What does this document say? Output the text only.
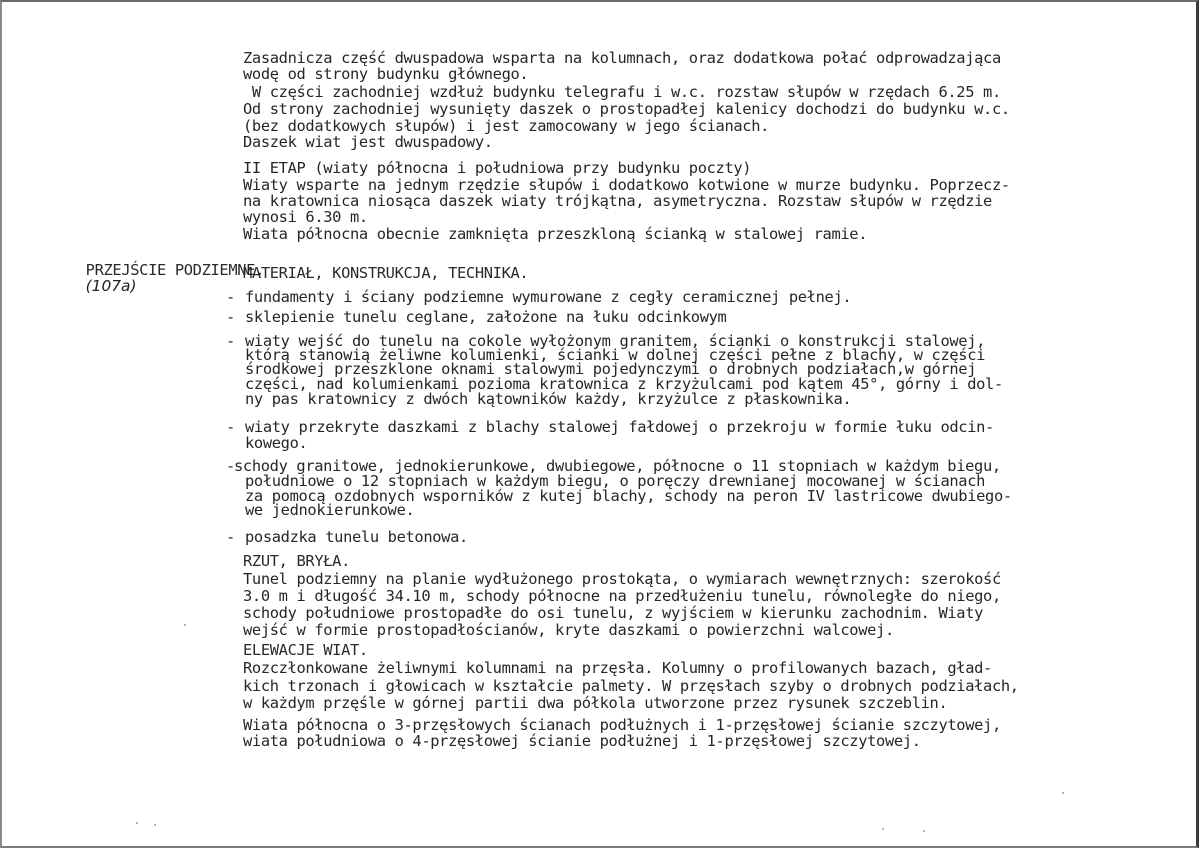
Zasadnicza część dwuspadowa wsparta na kolumnach, oraz dodatkowa połać odprowadzająca
wodę od strony budynku głównego.
W części zachodniej wzdłuż budynku telegrafu i w.c. rozstaw słupów w rzędach 6.25 m.
Od strony zachodniej wysunięty daszek o prostopadłej kalenicy dochodzi do budynku w.c.
(bez dodatkowych słupów) i jest zamocowany w jego ścianach.
Daszek wiat jest dwuspadowy.
II ETAP (wiaty północna i południowa przy budynku poczty)
Wiaty wsparte na jednym rzędzie słupów i dodatkowo kotwione w murze budynku. Poprzecz-
na kratownica niosąca daszek wiaty trójkątna, asymetryczna. Rozstaw słupów w rzędzie
wynosi 6.30 m.
Wiata północna obecnie zamknięta przeszkloną ścianką w stalowej ramie.

PRZEJŚCIE PODZIEMNE.
(107a)

MATERIAŁ, KONSTRUKCJA, TECHNIKA.
- fundamenty i ściany podziemne wymurowane z cegły ceramicznej pełnej.
- sklepienie tunelu ceglane, założone na łuku odcinkowym
- wiaty wejść do tunelu na cokole wyłożonym granitem, ścianki o konstrukcji stalowej,
którą stanowią żeliwne kolumienki, ścianki w dolnej części pełne z blachy, w części
środkowej przeszklone oknami stalowymi pojedynczymi o drobnych podziałach,w górnej
części, nad kolumienkami pozioma kratownica z krzyżulcami pod kątem 45°, górny i dol-
ny pas kratownicy z dwóch kątowników każdy, krzyżulce z płaskownika.
- wiaty przekryte daszkami z blachy stalowej fałdowej o przekroju w formie łuku odcin-
kowego.
- schody granitowe, jednokierunkowe, dwubiegowe, północne o 11 stopniach w każdym biegu,
południowe o 12 stopniach w każdym biegu, o poręczy drewnianej mocowanej w ścianach
za pomocą ozdobnych wsporników z kutej blachy, schody na peron IV lastricowe dwubiego-
we jednokierunkowe.
- posadzka tunelu betonowa.
RZUT, BRYŁA.
Tunel podziemny na planie wydłużonego prostokąta, o wymiarach wewnętrznych: szerokość
3.0 m i długość 34.10 m, schody północne na przedłużeniu tunelu, równoległe do niego,
schody południowe prostopadłe do osi tunelu, z wyjściem w kierunku zachodnim. Wiaty
wejść w formie prostopadłościanów, kryte daszkami o powierzchni walcowej.
ELEWACJE WIAT.
Rozczłonkowane żeliwnymi kolumnami na przęsła. Kolumny o profilowanych bazach, gład-
kich trzonach i głowicach w kształcie palmety. W przęsłach szyby o drobnych podziałach,
w każdym przęśle w górnej partii dwa półkola utworzone przez rysunek szczeblin.
Wiata północna o 3-przęsłowych ścianach podłużnych i 1-przęsłowej ścianie szczytowej,
wiata południowa o 4-przęsłowej ścianie podłużnej i 1-przęsłowej szczytowej.
